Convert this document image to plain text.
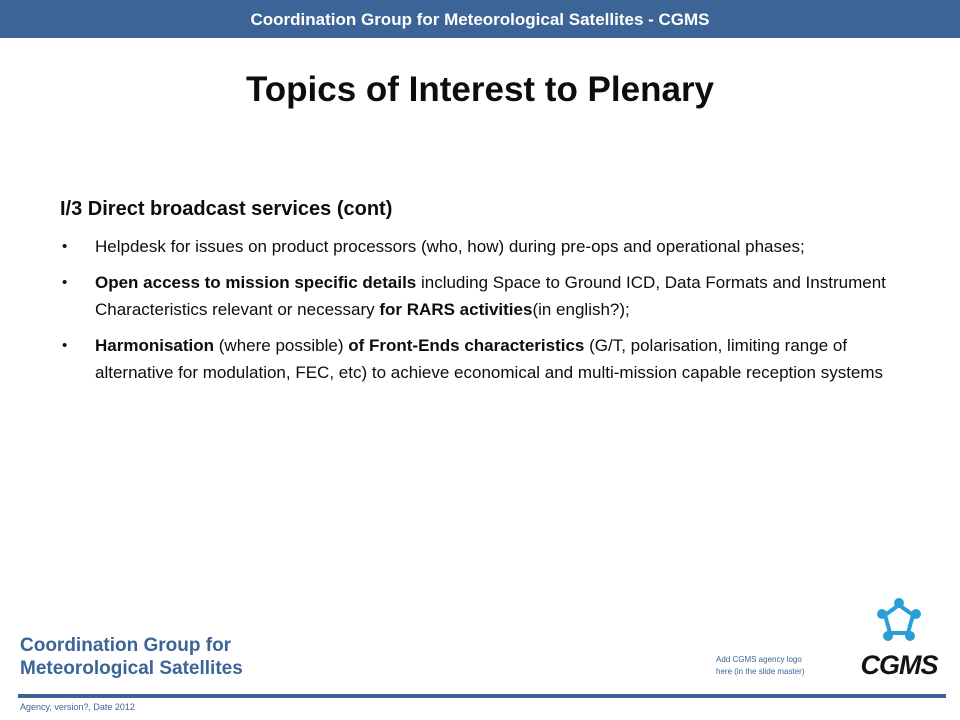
Coordination Group for Meteorological Satellites - CGMS
Topics of Interest to Plenary
I/3 Direct broadcast services (cont)
• Helpdesk for issues on product processors (who, how) during pre-ops and operational phases;
• Open access to mission specific details including Space to Ground ICD, Data Formats and Instrument Characteristics relevant or necessary for RARS activities(in english?);
• Harmonisation (where possible) of Front-Ends characteristics (G/T, polarisation, limiting range of alternative for modulation, FEC, etc) to achieve economical and multi-mission capable reception systems
Coordination Group for
Meteorological Satellites	Add CGMS agency logo
here (in the slide master)	CGMS
Agency, version?, Date 2012
